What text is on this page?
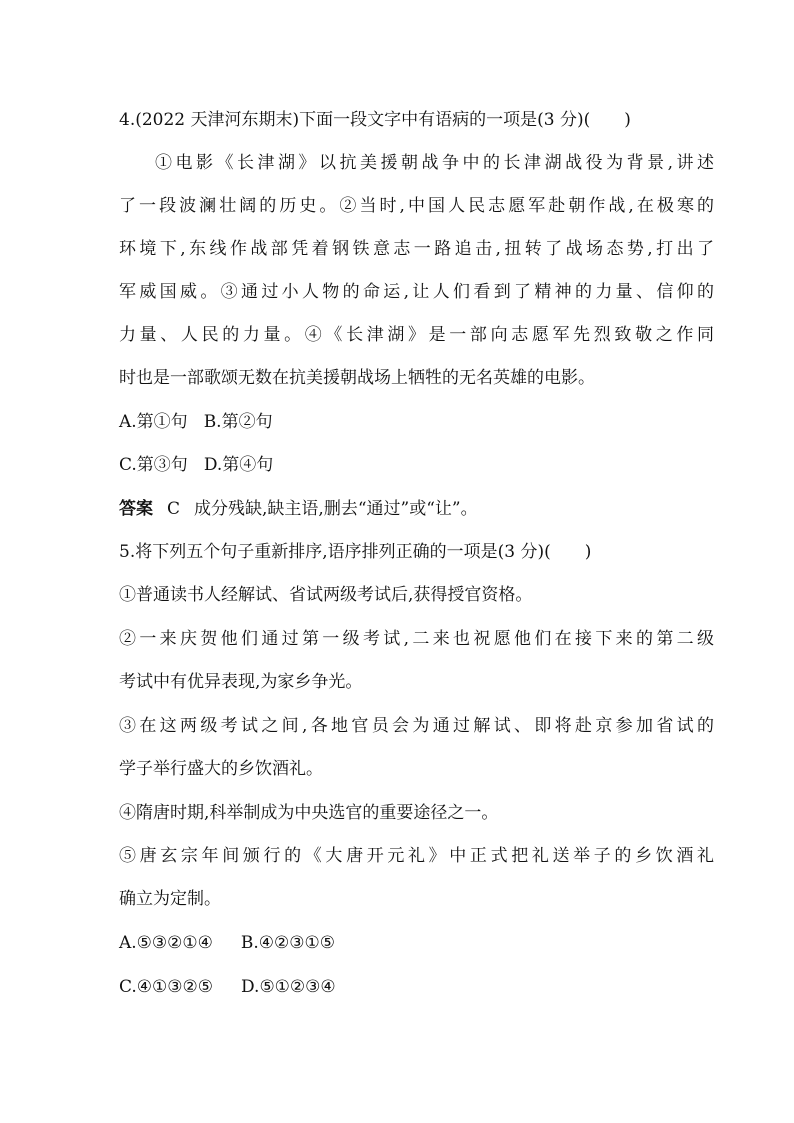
4.(2022 天津河东期末)下面一段文字中有语病的一项是(3 分)(　　)
①电影《长津湖》以抗美援朝战争中的长津湖战役为背景,讲述
了一段波澜壮阔的历史。②当时,中国人民志愿军赴朝作战,在极寒的
环境下,东线作战部凭着钢铁意志一路追击,扭转了战场态势,打出了
军威国威。③通过小人物的命运,让人们看到了精神的力量、信仰的
力量、人民的力量。④《长津湖》是一部向志愿军先烈致敬之作同
时也是一部歌颂无数在抗美援朝战场上牺牲的无名英雄的电影。
A.第①句 B.第②句
C.第③句 D.第④句
答案 C 成分残缺,缺主语,删去“通过”或“让”。
5.将下列五个句子重新排序,语序排列正确的一项是(3 分)(　　)
①普通读书人经解试、省试两级考试后,获得授官资格。
②一来庆贺他们通过第一级考试,二来也祝愿他们在接下来的第二级
考试中有优异表现,为家乡争光。
③在这两级考试之间,各地官员会为通过解试、即将赴京参加省试的
学子举行盛大的乡饮酒礼。
④隋唐时期,科举制成为中央选官的重要途径之一。
⑤唐玄宗年间颁行的《大唐开元礼》中正式把礼送举子的乡饮酒礼
确立为定制。
A.⑤③②①④ B.④②③①⑤
C.④①③②⑤ D.⑤①②③④
